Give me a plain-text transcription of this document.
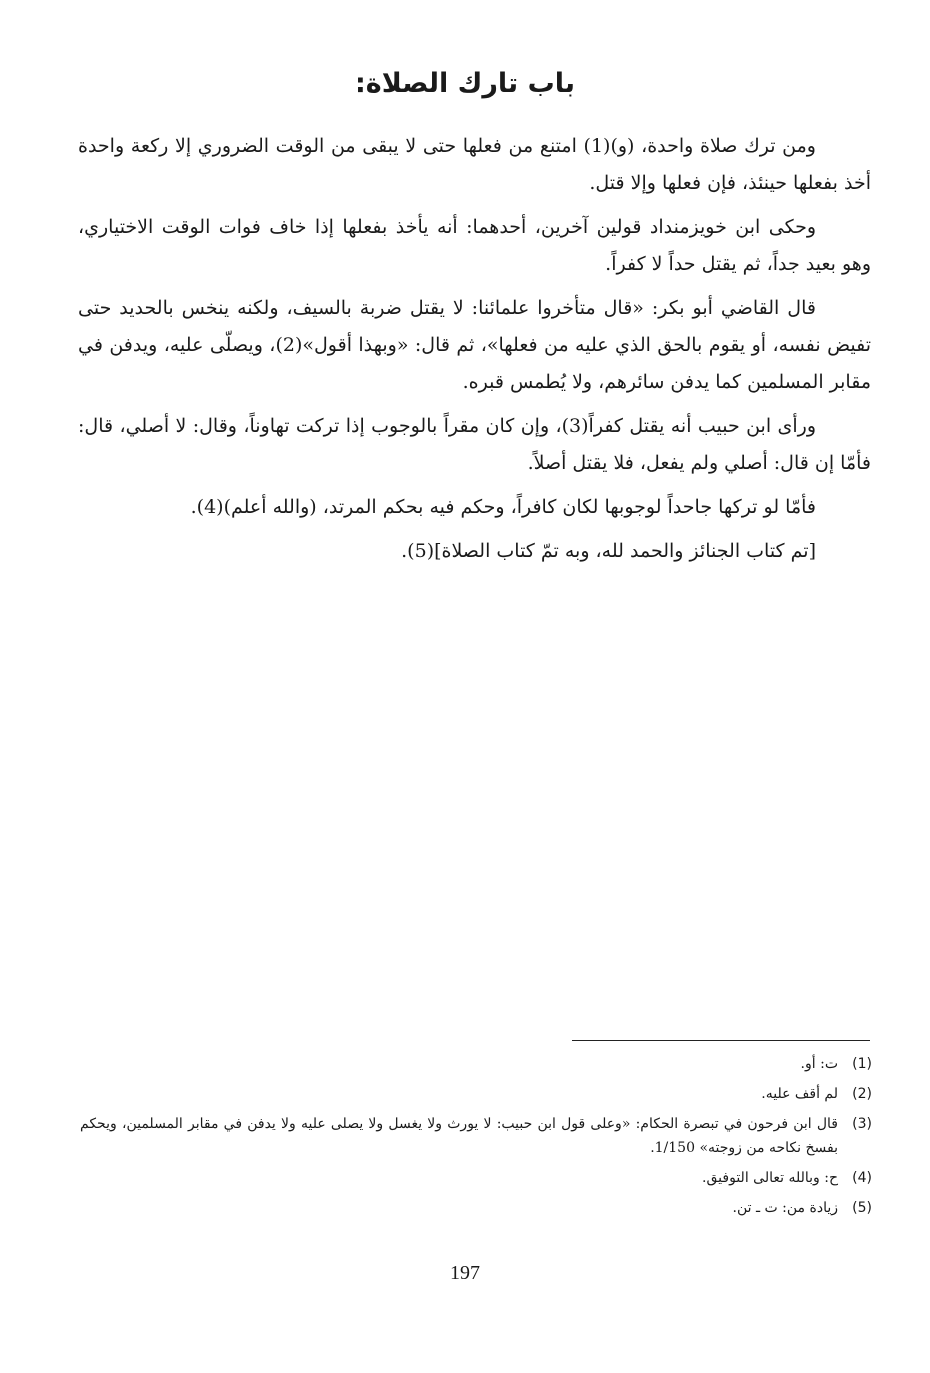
باب تارك الصلاة:

ومن ترك صلاة واحدة، (و)(1) امتنع من فعلها حتى لا يبقى من الوقت الضروري إلا ركعة واحدة أخذ بفعلها حينئذ، فإن فعلها وإلا قتل.

وحكى ابن خويزمنداد قولين آخرين، أحدهما: أنه يأخذ بفعلها إذا خاف فوات الوقت الاختياري، وهو بعيد جداً، ثم يقتل حداً لا كفراً.

قال القاضي أبو بكر: «قال متأخروا علمائنا: لا يقتل ضربة بالسيف، ولكنه ينخس بالحديد حتى تفيض نفسه، أو يقوم بالحق الذي عليه من فعلها»، ثم قال: «وبهذا أقول»(2)، ويصلّى عليه، ويدفن في مقابر المسلمين كما يدفن سائرهم، ولا يُطمس قبره.

ورأى ابن حبيب أنه يقتل كفراً(3)، وإن كان مقراً بالوجوب إذا تركت تهاوناً، وقال: لا أصلي، قال: فأمّا إن قال: أصلي ولم يفعل، فلا يقتل أصلاً.

فأمّا لو تركها جاحداً لوجوبها لكان كافراً، وحكم فيه بحكم المرتد، (والله أعلم)(4).

[تم كتاب الجنائز والحمد لله، وبه تمّ كتاب الصلاة](5).

(1)
ت: أو.
(2)
لم أقف عليه.
(3)
قال ابن فرحون في تبصرة الحكام: «وعلى قول ابن حبيب: لا يورث ولا يغسل ولا يصلى عليه ولا يدفن في مقابر المسلمين، ويحكم بفسخ نكاحه من زوجته» 1/150.
(4)
ح: وبالله تعالى التوفيق.
(5)
زيادة من: ت ـ تن.
197
